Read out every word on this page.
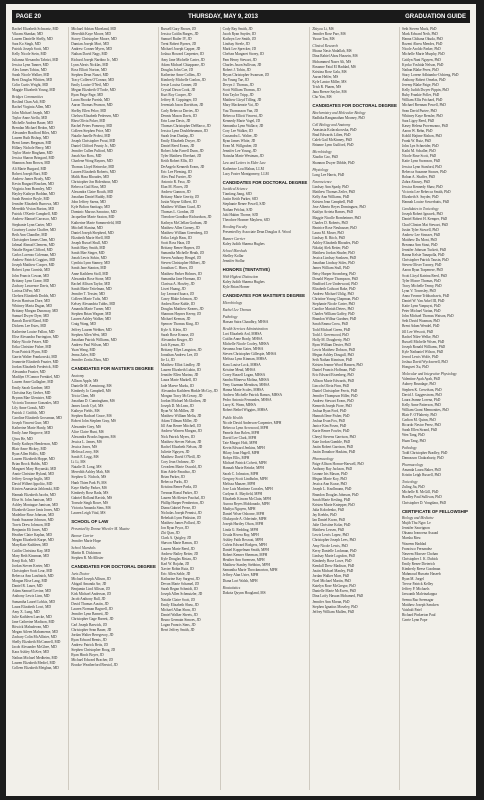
PAGE 20	THURSDAY, MAY 9, 2013	GRADUATION GUIDE
Rachel Elizabeth Schwartz, MD
Vikram Shankar, MD
Lauren Danielle Shelly, MD
Sara Ko Singh, MD
Patrick Joseph Scott, MD
Kelly Nicole Stein, MD
Julianna Alexandra Tabrizi, MD
Jessica Lynn Tanner, MD
Alex James Tobias, MD
Sarah Nicole Walker, MD
Brett Douglas Whitten, MD
Colin Curtis Wright, MD
Maggie Elizabeth Young, MD
Bridges Communities
Roslind Chan Adi, MD
Rachel Virginia Allen, MD
John Michael Joseph, MD
Taylor Anne Aiello, MD
Michelle Andrea Bauer, MD
Brendan Michael Bedon, MD
Alexander Bradford Biles, MD
Lauren Ruth Bishop, MD
Brent James Bergman, MD
Hillary Nichole Berry, MD
Taylor Marie Bingham, MD
Jessica Sharon Bringard, MD
Shannon Jean Brown, MD
Ali Marie Burgard, MD
Robert Joseph Burt, MD
Andrew James Brody, MD
Kevin Burgard Bracken, MD
Virginia Jean Bramley, MD
Hayley Kathryn Boddan, MD
Sarah Bernice Boyle, MD
Jennifer Elizabeth Burrows, MD
Meredith Vivian Burton, MD
Patrick O'Keefe Campbell, MD
Andrew Manuel Carrasco, MD
Stephanie Lynn Carter, MD
Courtney Louise Chaffee, MD
Beth Ann Chandler, MD
Christopher James Chen, MD
Jahmal Ahmad Clemens, MD
Natalie Regan Clifford, MD
Carlos Lorenzo Coleman, MD
Andrew Patrick Coggins, MD
Joseph Matthew Cooper, MD
Robert Lynn Cornish, MD
John Francis Cowan, MD
Brittany Lynn Crane, MD
Zachary Lawrence Davis, MD
Larissa DiFeo, MD
Chelsea Elizabeth Dodds, MD
Kevin Harrison Dore, MD
Whitney Maria Dugan, MD
Brittany Morgan Dunaway, MD
Samuel Dwyer Dyer, MD
Barrah David Eland, MD
Dickens Lee Estes, MD
Katherine Louise Fallon, MD
Elise Alexandra Farrington, MD
Haley Nicole Fetzer, MD
Erika Christine Fisher, MD
Evan Patrick Flynn, MD
Garrin Walter Frankowski, MD
Jeannette Elizabeth Frazier, MD
Jordan Elizabeth Frederick, MD
Alexandra Frazier, MD
Madilyn O'Connor Frenkiel, MD
Lauren Anne Gallagher, MD
Emily Sarah Gardner, MD
Christina Kay Gerber, MD
Bryann Mae Glenister, MD
Victoria Torrance Gonzales, MD
Lily Anne Gozuk, MD
Patrick J. Griffith, MD
Caroline Elizabeth Grossman, MD
Joseph Vincent Gurr, MD
Katherine Marie Hardy, MD
Emily Jane Hargrove, MD
Qiwu He, MD
Emily Kathryn Henderson, MD
Blair Anne Hickey, MD
Ryan Allen Hollis, MD
Lauren Elizabeth Hoppe, MD
Brian Brock Hubbs, MD
Margaret Mary Hoyanski, MD
Annie Christine Hyland, MD
Jeffrey George Inglis, MD
David Wilbert Ippolito, MD
Kirsten Anastasia Jablonski, MD
Hannah Elizabeth Jacobs, MD
Elise St. John Jamison, MD
Ashley Montague Jamison, MD
Elizabeth Grace Janis Jones, MD
Madeline Rose Johnson, MD
Sarah Suzanne Johnson, MD
Travis Drew Johnson, MD
Benjamin Eli Jones, MD
Heather Claire Kaplan, MD
Megan Elizabeth Karpe, MD
MaryKate Kathleen, MD
Caitlin Christina Kay, MD
Mary Beth Kinsman, MD
Kenji Koh, MD
Jordan Steven Kreier, MD
Christopher Scott Lear, MD
Rebecca Ann Lanfinich, MD
Morgan Elise Lang, MD
Daniel R. Lauer, MD
Adam Samuel Levine, MD
Anthony Lewis Linn, MD
Samantha Laurel Lobkis, MD
Laura Elizabeth Lowi, MD
Amy X. Lung, MD
Julie Kathleen Luecke, MD
Jane Catherine Madison, MD
Ritwick Mahadevan, MD
Megan Aileen Mahomeme, MD
Zachary Colin McAllister, MD
Shelly Elizabeth McConnell, MD
Jacob Alexander McGhee, MD
Kara Ashley McKee, MD
Nathan Michael Medheim, MD
Lauren Elizabeth Mediel, MD
Colleen Elizabeth Meighan, MD
Michael Adrian Moreland, MD
Meredith Kaye Moore, MD
Stacey Christopher Moore, MD
Damian Joseph Mori, MD
Andrew Conner Myers, MD
Nathan David Nagy, MD
Richard Joseph Nardino Jr., MD
Lynn Alexis Nicklas, MD
Ross Elliott Norton, MD
Stephen Dean Nuzzi, MD
Tracy Colleen O'Connor, MD
Emily Louise O'Neil, MD
Megan Elizabeth O'Toole, MD
Ryan Paige Page, MD
Laura Brooke Parrish, MD
Aaron Thomas Pearson, MD
Shelby Ellen Pelov, MD
Chelsea Elizabeth Pedersen, MD
Rhea Olivia Poker, MD
Rachel Peters Pomeroy, MD
Colleen Stephen Price, MD
Natalie Janelle Probst, MD
Joseph Christopher Prout, MD
Daniel Clifford Prunty Jr., MD
Jennifer Cullen Pulford, MD
Jonah Sao Ross, MD
Charlene Wong Raynes, MD
Thomas Lloyd Reinecke, MD
Lauren Elizabeth Roberts, MD
Malik Hasa Rhoudes, MD
Christopher Jon Ridenhour, MD
Rebecca Gail Ross, MD
Alexandra Claire Routh, MD
Jonathan Daniel Ruddy, MD
John Jeffrey Saenz, MD
Kyle Bolton Santiago, MD
Dominic Marcus Saracino, MD
Jacqueline Marie Saxton, MD
Katherine Marie Sommerfeld, MD
Mitchell Slanina, MD
Daniel Joseph Shepherd, MD
Elizabeth Marie Shell, MD
Joseph Russel Shull, MD
Sarah Mary Smith, MD
Sarah Mae Singer, MD
Jonah Lewis Sirkin, MD
Cynthia Lynn Stamey, MD
Sarah Jane Stanton, MD
Anne Kathleen Stoll, MD
Alexandra Rose Stone, MD
Rachel Allison Taylor, MD
Sarah Marie Teitelman, MD
Jennifer T. Tessier, MD
Colleen Marie Tufts, MD
Kelsey Alexandria Tubbs, MD
Amanda Marie Turner, MD
Stephen Brian Wagner, MD
Lauren Ashley Walker, MD
Craig Wang, MD
Jeffrey Lauren Webber, MD
Stephen Allen West, MD
Jonathan Patrick Williams, MD
Andrew Paul Wilson, MD
Yuan Wang, MD
Jenna Zaler, MD
Jennifer Zorita Zhou, MD
CANDIDATES FOR MASTER'S DEGREE
Anatomy
Allison Apple, MS
Danielle M. Armstrong, MS
Kimberly Jo Campbell, MS
Tricia Chen, MS
Jonathan D. Cunningham, MS
James Jacob Cyrl, MS
Kathryn Fields, MS
Stephen Rachael Grace, MS
Robert John Stephen Gray, MS
Alexander Grey, MS
Alice Claire Hunt, MS
Alexandra Brooks Ingram, MS
Jessica L. James, MS
Jessica Jones, MS
Melissa Leroy, MS
Sarah E. Legg, MS
Li Li, MS
Natalie D. Long, MS
Meredith Ashley Mah, MS
Stephen G. Nichols, MS
Hanh Thien Park Pi, MS
Kaye Shelby Parker, MS
Kimberly Rose Rada, MS
Gabriel Rolland Ravish, MS
Torrude Singh Rowe, MS
Victoria Amanda Sims, MS
Lauren Leigh Vital, MS
SCHOOL OF LAW
Presented by Donna Wheeler M. Maxine
Banner Carrier
Jennifer Marie Hope
School Marshals
Martin R. Dickinson
Stephen R. McAllister
CANDIDATES FOR DOCTORAL DEGREE
Juris Doctor
Michael Joseph Allison, JD
Abigail Amanda Arr, JD
Benjamin Lind Allison, JD
Kirk Michael Anderson, JD
Jacob Anthony Ball, JD
David Thomas Austin, JD
Lauren Norman Bagwell, JD
Jennifer Lynn Barnett, JD
Christopher Gage Barrett, JD
Carl Joseph Barwick, JD
Christopher Sean Bauer, JD
Jordan Walter Beregovoy, JD
Ryan Edward Bemis, JD
Andrew Patrick Betts, JD
Stephen Christopher Boog, JD
Ryan Hinch Boyer, JD
Michael Edward Bracher, JD
Brooke Weatherford Brestol, JD
Russell Gary Brown, JD
Jessica Caitlin Burges, JD
Samuel Butler IV, JD
Trent Robert Byrnes, JD
Michael Joseph Capper, JD
Joshua Howard Carpenter, JD
Amy Jane Michelle Carter, JD
Adam Michael Chiappone, JD
Douglas John Coe, JD
Katherine Anne Collins, JD
Kimberly Michelle Conlon, JD
Jessie Louisa Conner, JD
Crystal Dawn Cook, JD
Kurt Roy Cooper, JD
Jeffrey H. Coppinger, JD
Jeremiah Jason Davidson, JD
Carly Rebecca Davies, JD
Dennis Mason Davis, JD
Erin Lane Davis, JD
Thomas Christopher DeMarco, JD
Jessica Lynn Doubleheamon, JD
Sarah Jean Dunlap, JD
Emily Elizabeth Dwyer, JD
Daniel Reed Evans, JD
Robert John Farrell Dunn, JD
Tyler Matthew Eberhart, JD
Keith Robert Ellis, JD
DeAngelo Kenneth Evans, JD
Eric Lee Fleming, JD
Alex Paul Farrier, JD
Antonio R. Faso, JD
Elan M. Flores, JD
Andrew Gannon, JD
Brittany Marie Gerrity, JD
Justin Wayne Gilbert, JD
Matthew William Goad, JD
Thomas L. Gordon, JD
Theodore Gondhor Richardson, JD
Kathryn McClellan Gorham, JD
Matthew Allen Gorney, JD
Matthew William Greenberg, JD
Erika Leigh Haas, JD
Scott Ross Haas, JD
Brittany Renee Haynes, JD
Samantha Michelle Heath, JD
Steven Anthony Hengel, JD
Steven Christopher Hilbert, JD
Jonathan C. Hines, JD
Matthew Parker Holmes, JD
Samantha Jane Horman, JD
Clarissa A. Howley, JD
Liwei Huang, JD
Jay Leonard Isaacs, JD
Casey Blake Johnson, JD
Andrea Rose Kahle, JD
Douglas Matthew Kearns, JD
Shannon Haynes Keeny, JD
Michael Keenan, JD
Spencer Thomas King, JD
Kyle A. Klein, JD
Sarah Rose Krause, JD
Alexandra Kruger, JD
Jack Kyman, JD
Brittany Ellyn Langston, JD
Jonathan Andrew Lee, JD
Jie Li, JD
Matthew Elliot Lindley, JD
Lauren Elizabeth Lubin, JD
Jennifer Ellen Marino, JD
Laura Marie Markell, JD
Jade Maeve Marks, JD
Alexandra Kathleen Hinkle McCoy, JD
Morgan Tracy McCreary, JD
Jordan Michael McGlothen, JD
Joseph D. McLean, JD
Ryan W. McMillen, JD
Matthew William Melia, JD
Adam Tillman Miller, JD
Jill Ann Renee Mitchell, JD
Andrew Warren Morgan, JD
Nick Patrick Myers, JD
Matthew Steven Nelson, JD
Rachel Elizabeth Nelson, JD
Juliette Nguyen, JD
Matthew David O'Neill, JD
Cory Jean Ordonez, JD
Cevadem Marie Oswald, JD
Kim Adele Paradiso, JD
Brian Parker, JD
Rebecca Parks, JD
Kristina Renee Parks, JD
Tresnan Ronal Parker, JD
Lauren McAlester Paschal, JD
Phillip Harper Pemberton, JD
Diana Gabriel Perez, JD
Nicholas Joseph Pennisi, JD
Rebekah Lynn Pinkston, JD
Matthew James Pollard, JD
Jon Ryan Pryor, JD
Zhi Qian, JD
Clark A. Quigley, JD
Shavon Marie Ramos, JD
Lauren Marie Reed, JD
Andrew Bailey Reiter, JD
Kyle Douglas Ristau, JD
Karl W. Rojahn, JD
Xavier Robin Ruiz, JD
Eric Allen Sable, JD
Katharine Kay Sargent, JD
Devon Marie Schamel, JD
Sarah Regan Schmidt, JD
Joseph Allen Schmutzler, JD
Natalie Claire Scott, JD
Emily Elizabeth Shaw, JD
Michael Allan Shaw, JD
Daniel Walker Sheets, JD
Bruno Germain Simoes, JD
Logan Francis Sims, JD
Berri Jeffrey Smith, JD
Cody Ray Smith, JD
Jacob Ryan Snyder, JD
Kathryn Lee Smith, JD
Lindsay Steele, JD
Mark Lee Sprecker, JD
Chelsea Margaret Storey, JD
Pam Henry Stewart, JD
Charles Jason Sullivan, JD
Robert J. Tobin, JD
Bryan Christopher Swanson, JD
Jin Young Tae, JD
Devyn J. Thomas, JD
Scott William Thomas, JD
Erin Taylor Tripp, JD
Matthew Lloyd Tilling, JD
Mary Mackenzie Vai, JD
Yuu Thomasson Van, JD
Rebecca Elliott Vincent, JD
Kennedy Marie Vogel, JD
Samantha Lynn Wallace, JD
Cory Lee Walker, JD
Cassandra L. Walter, JD
Ryan James White, JD
Evan M. Willgruber, JD
Jennifer Lee Young, JD
Natasha Marie Westman, JD
Law and Letters in Elder Law
Katherine Lou Mahan, LLM
Lucy Foster Montgomery, LLM
CANDIDATES FOR DOCTORAL DEGREE
Juridical Science
Tianfang Jiang, SJD
Justin Keith Parker, SJD
Stephanie Renee Powell, SJD
Nathan Pelchat, SJD
Jahi Hakim Thorne, SJD
Theodore Hosmer Mayhew, SJD
Hooding Faculty
Presented by Associate Dean Douglas A. Wood
Banner Carrier
Kaley Judith Sharma Hughes
School Marshals
Shelley Kollar
Jennifer Stollar
HONORS (TENTATIVE)
With Highest Distinction
Kaley Judith Sharma Hughes
Kyle Brian Horner
CANDIDATES FOR MASTER'S DEGREE
Microbiology
Rachel Lee Thomas
Pathology
Hassan Saira Chaudhry, MHSA
Health Services Administration
Lori Elizabeth Ard, MHSA
Caitlin Anne Brady, MHSA
Michelle Nicole Cooley, MHSA
Savanna Jean Gates, MHSA
Steven Christopher Gillespie, MHSA
Melissa Lynn Kinman, MHSA
Kara Louise Lock, MHSA
Kristine Mead, MHSA
Corey Russell Logan, MHSA
Sandra Minerva Molina, MHSA
Yeny Guzman Mendoza, MHSA
Hanna Marie Scales, MHSA
Andrew Michelle Patrick Ramos, MHSA
Pedro Antonio Fernandez, MHSA
Larry K. Wean, MHSA
Robert Bethel Wiggins, MHSA
Public Health
Nicole David Anderson-Carpenter, MPH
Rebecca Lynn Arrowood, MPH
Pamela Ann Bolen, MPH
David Lee Clark, MPH
Tate Margot Holt, MPH
Kevin Edward Jenkins, MPH
Hilary Joan Hagell, MPH
Robyn Ellis, MPH
Michael Patrick Colvett, MPH
Hannah Marie Reinke, MPH
Sarah C. Johnston, MPH
Gregory Scott Lindholm, MPH
Melissa Manzer, MPH
Jose Luis Martinez Corrales, MPH
Carlynn A. Mayfield, MPH
Elizabeth Kirwan McClain, MPH
Aurora Reyes Moldonado, MPH
Madiya Nguyen, MPH
Daniel Wiser Osborne, MPH
Olukayode A. Oderinde, MPH
Joseph Hartley Olson, MPH
Linda G. Redding, MPH
Ursula Rivera Ray, MPH
Ashley Faith Rexroat, MPH
Calvin Edward Rodgers, MPH
Daniel Koppelman Smith, MPH
Robert Kenner Sherman, MPH
Heather Ann Sorensen, MPH
Matthew Stanley Stebbins, MPH
Samantha Marie Throckmorton, MPH
Jeffrey Alan Uster, MPH
Diana Lori Walsh, MPH
Biostatistics
Dakota Quynn Hoagland, MS
Zhiyou Li, MS
Jennifer Rose Parr, MS
Yuxue Tan, MS
Clinical Research
Moaaz Nasir Abdallah, MS
Dina Rabiel Abou Hussein, MS
Mohammed Naser Ali, MS
Rosanne Fatal El Haddad, MS
Kristina Rose Gala, MS
Aaron Helfer, MS
Kyle Lantor Miller, MS
Trish R. Pharm, MS
Jana Breeze Saylor, MS
Cho Yan, MS
CANDIDATES FOR DOCTORAL DEGREE
Biochemistry and Molecular Biology
Radhika Ranganathan Mooney, PhD
Cell Biology and Anatomy
Anastasia Kolaczkowska, PhD
Brad Edwards Lilien, PhD
Caleb Gail McKinney, PhD
Brianne Lynn Guilford, PhD
Microbiology
Xiaolin Cao, PhD
Shannon Dwyer Dibble, PhD
Physiology
Long Lee Harris, PhD
Neuroscience
Lindsay Ann Spady, PhD
Matthew Thomas Zeiler, PhD
Kelly Ann Williams, PhD
Kristen Jean Campbell, PhD
Jose Alberto Reyes Dominguez, PhD
Kaitlyn Arrieta Barnes, PhD
Maggie Nicolle Bornheimer, PhD
Charles D. Roberts, PhD
Beatrice Rose Neuhauser, PhD
Laura M. Moser, PhD
Lindsay R. Ritch, PhD
Ashley Elizabeth Rhoades, PhD
Nikolaj Alek Reiter, PhD
Matthew Jordan Shuder, PhD
Jessica Lindsay Sonksen, PhD
Jonathan Lindsay Stiles, PhD
James William Stull, PhD
Betsy Harper Stromberg, PhD
Donald Wayne Thompson, PhD
Bradford Lee Underwood, PhD
Elizabeth Cathcart Rake, PhD
Andrew Michael Uhlig, PhD
Christine Young Chapman, PhD
Stephanie Nicole Carter, PhD
Candice Mariah Deters, PhD
Charles William Gaffey, PhD
Brandon Wilbur Gardner, PhD
Sarah Emma Cross, PhD
Todd Michael Green, PhD
Todd J. Greenwood, PhD
Holly M. Dougherty, PhD
Ryan William Dexter, PhD
Lewis Matthew Dobson, PhD
Megan Ashley Dougall, PhD
Seth Nathan Kinnison, PhD
Kristen Jeanne Wood Hansen, PhD
Daniel Francis Hoffman, PhD
Eric Edward Eisenberg, PhD
Allison Marie Edwards, PhD
Lincoln Olivia Finn, PhD
Daniel Christopher Ferris, PhD
Jennifer Thompson Hiller, PhD
Andrew Stewart Evans, PhD
Kenneth Joseph Fiore, PhD
Joshua Ryan Ford, PhD
Hannah Ilene Fisher, PhD
Joshua Evan Fox, PhD
Janice Kim Fosen, PhD
Karie Renee Fowler, PhD
Cheryl Stevens Garrison, PhD
Kate Jordan Gamble, PhD
Justin Robert Garrison, PhD
Justin Donahoe Haskins, PhD
Pharmacology
Paige Allison Hornor-Harwell, PhD
Anthony Ray Jackson, PhD
Leanne Iris Mason, PhD
Megan Marie Koy, PhD
Jessica Ann Kozar, PhD
Joseph L. Knollmann, PhD
Brandon Douglas Johnson, PhD
Sarah Marie Kesling, PhD
Kristen Marie Kniepper, PhD
Julia Kolodenko, PhD
Jay Krebbs, PhD
Ian Daniel Kwan, PhD
Julie Christine Kolar, PhD
Matthew Lessen, PhD
Lewis Lewis Lopez, PhD
Christopher Joseph Lees, PhD
Amy Nicole Lewis, PhD
Kerry Danielle Lockman, PhD
Lindsay Marie Logsdon, PhD
Kimberly Rose Lowe, PhD
Kendall Drew Madison, PhD
Justin Michael Manley, PhD
Jordan Walker Marr, PhD
Noel Michael Martin, PhD
Katelyn Rose McGregor, PhD
Danielle Marie McEwen, PhD
Dina Lotfy Hassan Mohamed, PhD
Jennifer Ann Moran, PhD
Stephen Ignatius Moseley, PhD
Jeffrey William Mullen, PhD
Seth Steven Muck, PhD
Mark Edward Neth, PhD
Hanna Chihana Okuda, PhD
Rozeni Abreu Mendes, PhD
Nicole Aroldo Parker, PhD
Michelle Marie Murphy, PhD
Caitlyn Nani Nguyen, PhD
Kyoko Yoshida Nelson, PhD
Nathan Blake Perez, PhD
Stacy Lorene Adhiambo-Ochieng, PhD
Anthony Robert Ornelas, PhD
Jeremy Blake Paige, PhD
Kelly Judith Dwyer Pippin, PhD
Ruby Frankie Poller, PhD
William Ellis Prichard, PhD
Michael Brennan Powell, PhD
Sean David Purtee, PhD
Whitney Kaye Rensler, PhD
Sara Ligey Reed, PhD
Kasey Helena Provenzano, PhD
Aaron W. Rehn, PhD
Kohlil Hajime Rishon, PhD
Frank W. Ruiz, PhD
John Lyn Schneider, PhD
Kathi M. Schaller, PhD
Nicole Rose Scott, PhD
Katie Lynn Swanson, PhD
Jessica Lynn Stanford, PhD
Rebecca Suzanne Strawn, PhD
Rohan A. Shaffer, PhD
Zahra Aboury, PhD
Jessica Kennedy Shaw, PhD
Victoria Lee Rebecca Smith, PhD
Elizabeth S. Snyder, PhD
Hannah Louise Sowerbutts, PhD
Candidates in Toxicology
Joseph Robert Ignacek, PhD
Daniel Robert H. Kemper, PhD
Chad Clinton Mai Stewart, PhD
Justin Tyler Stowell, PhD
Andrew Lee Strasser, PhD
Matthew Du Mont, PhD
Breanna Ann Stout, PhD
Jennifer Johnson Tuckett, PhD
Ranna Kelsie Tanapolla, PhD
Christopher Patrick Tausin, PhD
Steven Oliver Tooney, PhD
Aaron Ryan Trapenese, PhD
Scott Lloyd Katrina Reed, PhD
Tyler Moore Thomas, PhD
Tracy Michelle Tenny, PhD
Lynn V. Townsley, PhD
Anna Yvonne Tribhachavis, PhD
Daniel W. Van Arkel III, PhD
Katie Lynn Vanpuyst, PhD
Peter Michael Varian, PhD
John Michael Thomas Watson, PhD
Seth David Waxman, PhD
Brent Adam Wendel, PhD
Jill Lee Wescott, PhD
Rachel Nilee Welke, PhD
Russell Michelle Wisen, PhD
Joseph Ronald Williams, PhD
Kyle Nathaniel Wilson, PhD
Jerrod Lewis Wolfe, PhD
Joshua David Wyckwerell, PhD
Hongwei Xu, PhD
Molecular and Integrative Physiology
Valentine Ayah Ayah, PhD
Aubrey Brundage, PhD
Stephen K. Crewdson, PhD
David J. Gaggerstrom, PhD
Laura Jeanne Lorenz, PhD
Kelly Anne Patterson, PhD
William Grant Mennonites, PhD
Blair F. O'Flaherty, PhD
Carlton M. Quinn, PhD
Ricardo Nestor Perez, PhD
Sarah Ellen Strand, PhD
Wen Tang, PhD
Huan Tang, PhD
Pathology
Todd Christopher Bradley, PhD
Damasson Chakrabarty, PhD
Pharmacology
Amanda Laura Baker, PhD
Kristin Leigh Russell, PhD
Toxicology
Zuling Jia, PhD
Michelle R. McGill, PhD
Bradley Paul Sullivan, PhD
Christopher D. Vongdara, PhD
CERTIFICATE OF FELLOWSHIP
Biology and Medicine
Mujib Thu Ngoc Le
Jennifer Sauvignon
Oksana Ivanovna Assaad
Marsha Rieu
Waseem Haddad
Francisco Fernandez
Naseem Moosee Chohan
Christopher J. K. Dubick
Emily Renee Dieterich
Kimberly Reese Goodman
Mahmoud Hussein Haseeb
Ryan M. Jorgel
Trevor Patrick Kelley
Jeffrey P. Michaels
Jaswanth Malvinakoppa
Seema Rao Sreenagar
Matthew Joseph Sancken
Vaishali Patel
Richard Pinkerton Paul
Carrie Lynn Pope
